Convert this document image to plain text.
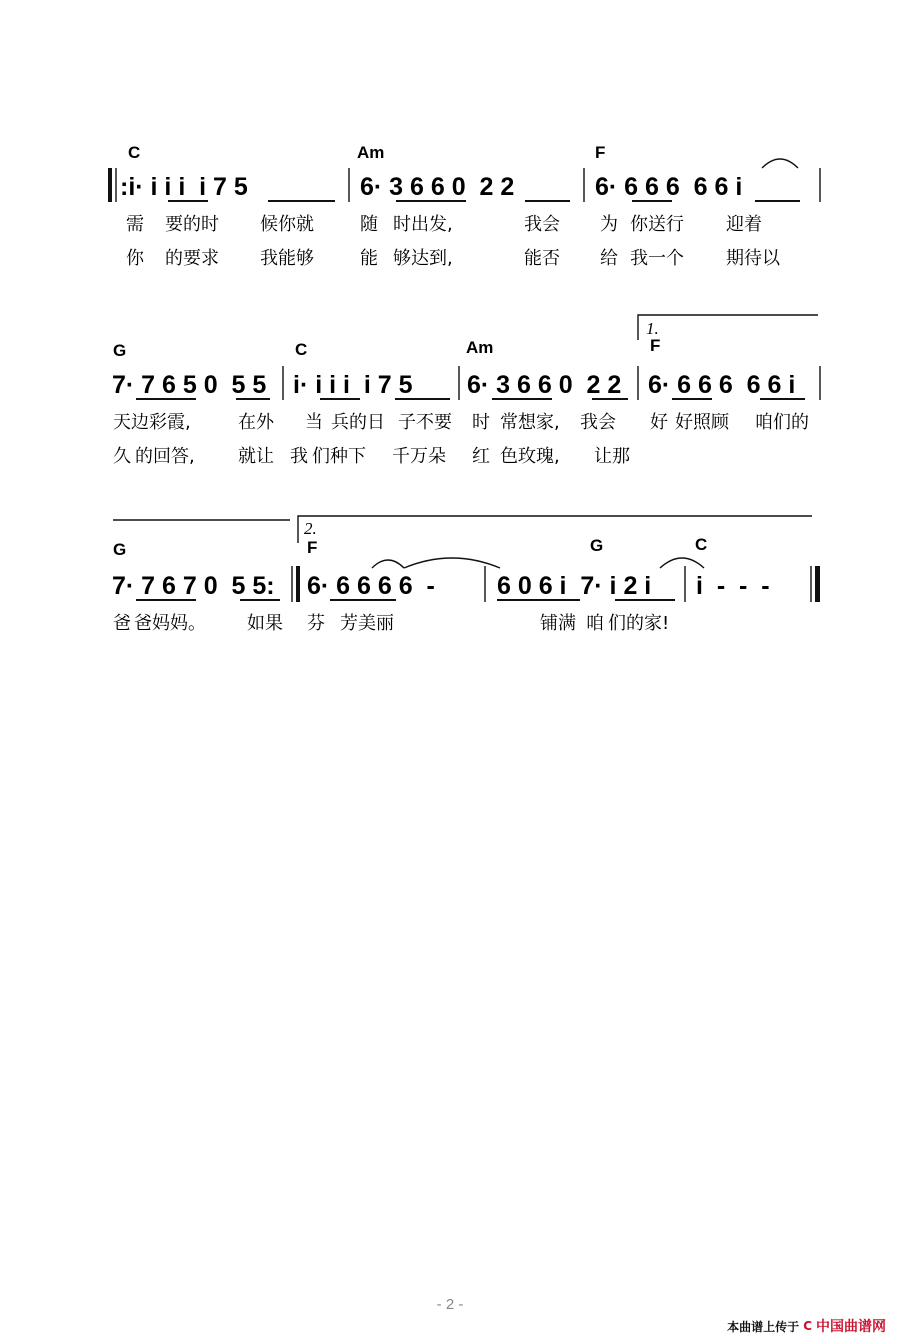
C	Am	F
:i· i i i  i 7 5	6· 3 6 6 0  2 2	6· 6 6 6  6 6 i
需 要的时 候你就	随 时出发,	我会 为 你送行 迎着
你 的要求 我能够	能 够达到,	能否 给 我一个 期待以
1.
G	C	Am	F
7· 7 6 5 0  5 5 i· i i i  i 7 5 6· 3 6 6 0  2 2 6· 6 6 6  6 6 i
天边彩霞,	在外 当 兵的日 子不要 时 常想家, 我会 好 好照顾 咱们的
久 的回答, 就让 我 们种下 千万朵 红 色玫瑰, 让那
2.
G	F	G	C
7· 7 6 7 0  5 5: 6· 6 6 6 6  - 6 0 6 i  7· i 2 i i  -  -  -
爸 爸妈妈。 如果 芬 芳美丽	铺满 咱 们的家!
- 2 -
本曲谱上传于 C 中国曲谱网
